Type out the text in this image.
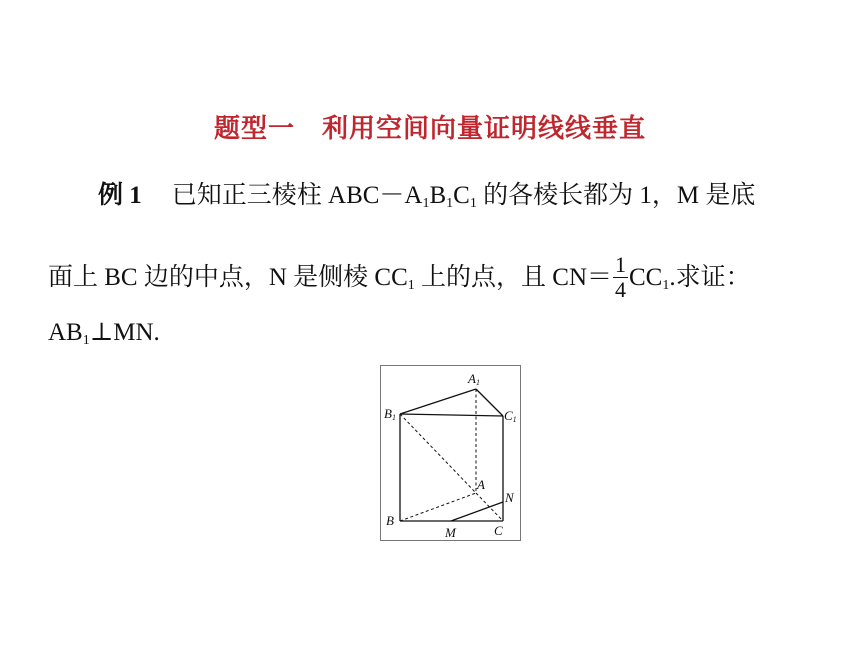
题型一　利用空间向量证明线线垂直
例 1 已知正三棱柱 $ABC-A_1B_1C_1$ 的各棱长都为 1，M 是底
面上 BC 边的中点，N 是侧棱 $CC_1$ 上的点，且 $CN= \frac{1}{4} CC_1$.求证：
$AB_1\perp MN$.
$A_1$
$B_1$	$C_1$
A
N
B
C
M
